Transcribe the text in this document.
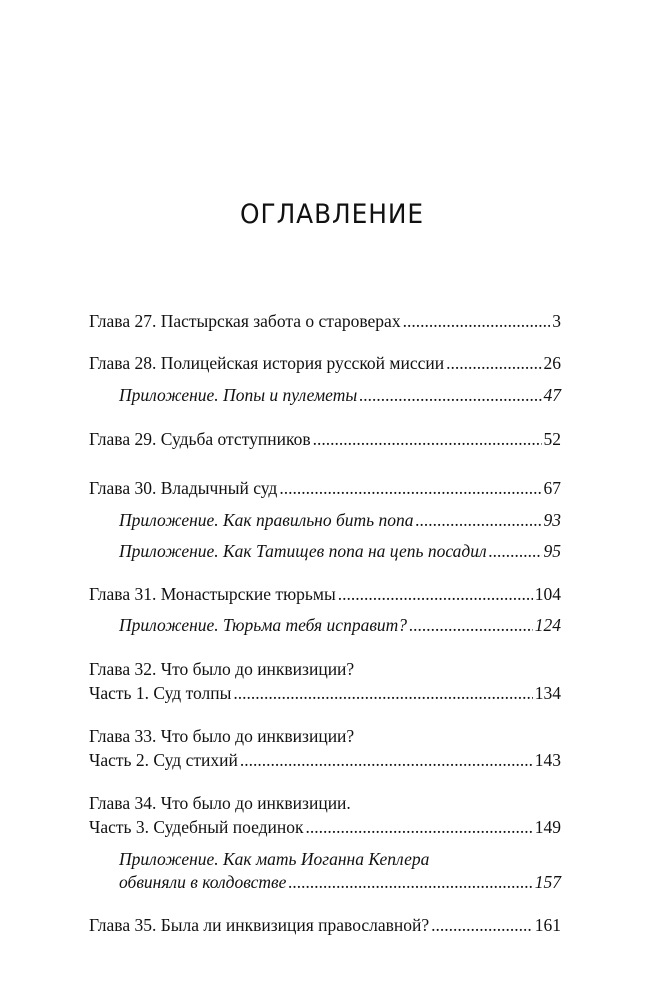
ОГЛАВЛЕНИЕ
Глава 27. Пастырская забота о староверах .....	3
Глава 28. Полицейская история русской миссии .....	26
Приложение. Попы и пулеметы .....	47
Глава 29. Судьба отступников .....	52
Глава 30. Владычный суд .....	67
Приложение. Как правильно бить попа .....	93
Приложение. Как Татищев попа на цепь посадил .....	95
Глава 31. Монастырские тюрьмы .....	104
Приложение. Тюрьма тебя исправит? .....	124
Глава 32. Что было до инквизиции?
Часть 1. Суд толпы .....	134
Глава 33. Что было до инквизиции?
Часть 2. Суд стихий .....	143
Глава 34. Что было до инквизиции.
Часть 3. Судебный поединок .....	149
Приложение. Как мать Иоганна Кеплера
обвиняли в колдовстве .....	157
Глава 35. Была ли инквизиция православной? .....	161
